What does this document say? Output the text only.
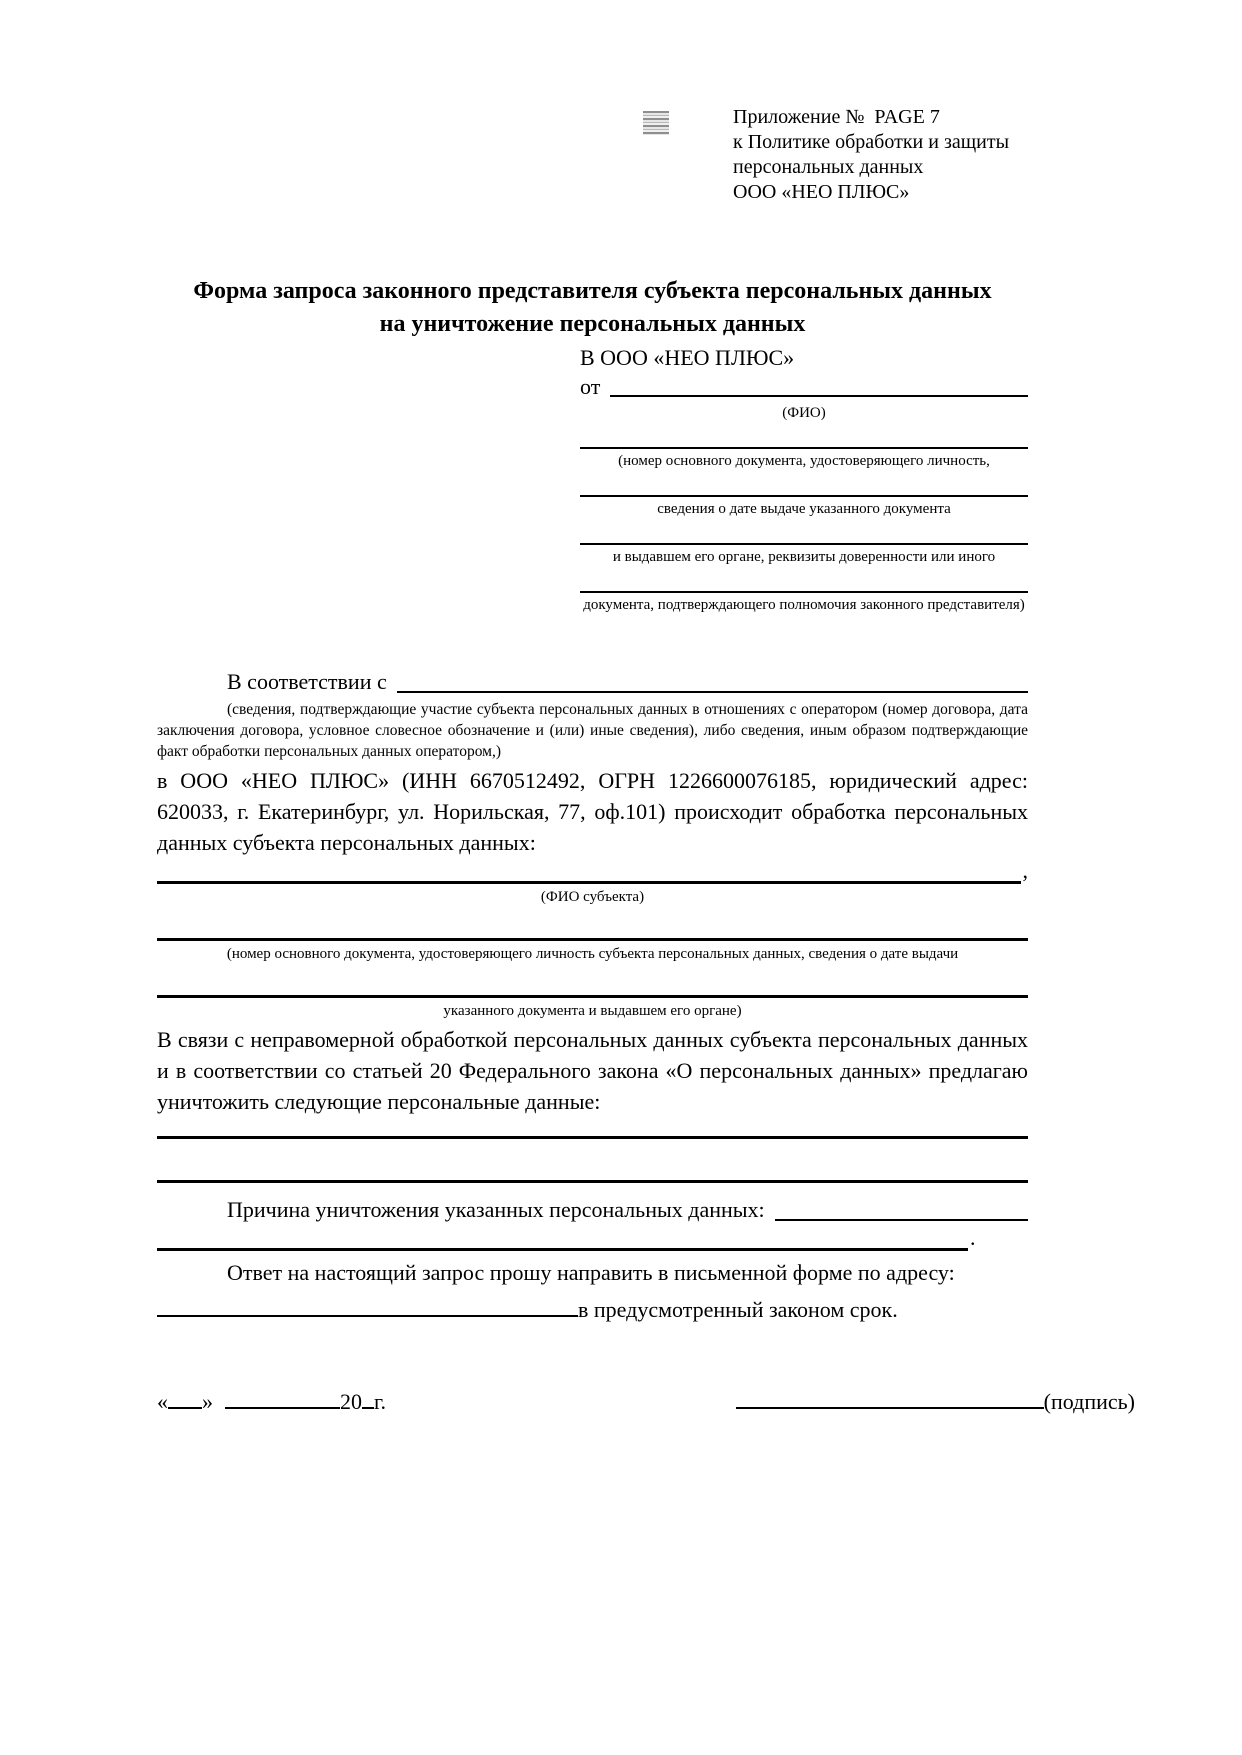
Приложение №  PAGE 7
к Политике обработки и защиты
персональных данных
ООО «НЕО ПЛЮС»
Форма запроса законного представителя субъекта персональных данных
на уничтожение персональных данных
В ООО «НЕО ПЛЮС»
от
(ФИО)
(номер основного документа, удостоверяющего личность,
сведения о дате выдаче указанного документа
и выдавшем его органе, реквизиты доверенности или иного
документа, подтверждающего полномочия законного представителя)
В соответствии с
(сведения, подтверждающие участие субъекта персональных данных в отношениях с оператором (номер договора, дата заключения договора, условное словесное обозначение и (или) иные сведения), либо сведения, иным образом подтверждающие факт обработки персональных данных оператором,)
в ООО «НЕО ПЛЮС» (ИНН 6670512492, ОГРН 1226600076185, юридический адрес: 620033, г. Екатеринбург, ул. Норильская, 77, оф.101) происходит обработка персональных данных субъекта персональных данных:
,
(ФИО субъекта)
(номер основного документа, удостоверяющего личность субъекта персональных данных, сведения о дате выдачи
указанного документа и выдавшем его органе)
В связи с неправомерной обработкой персональных данных субъекта персональных данных и в соответствии со статьей 20 Федерального закона «О персональных данных» предлагаю уничтожить следующие персональные данные:
Причина уничтожения указанных персональных данных:
.
Ответ на настоящий запрос прошу направить в письменной форме по адресу:
в предусмотренный законом срок.
« »	20 г.	(подпись)
